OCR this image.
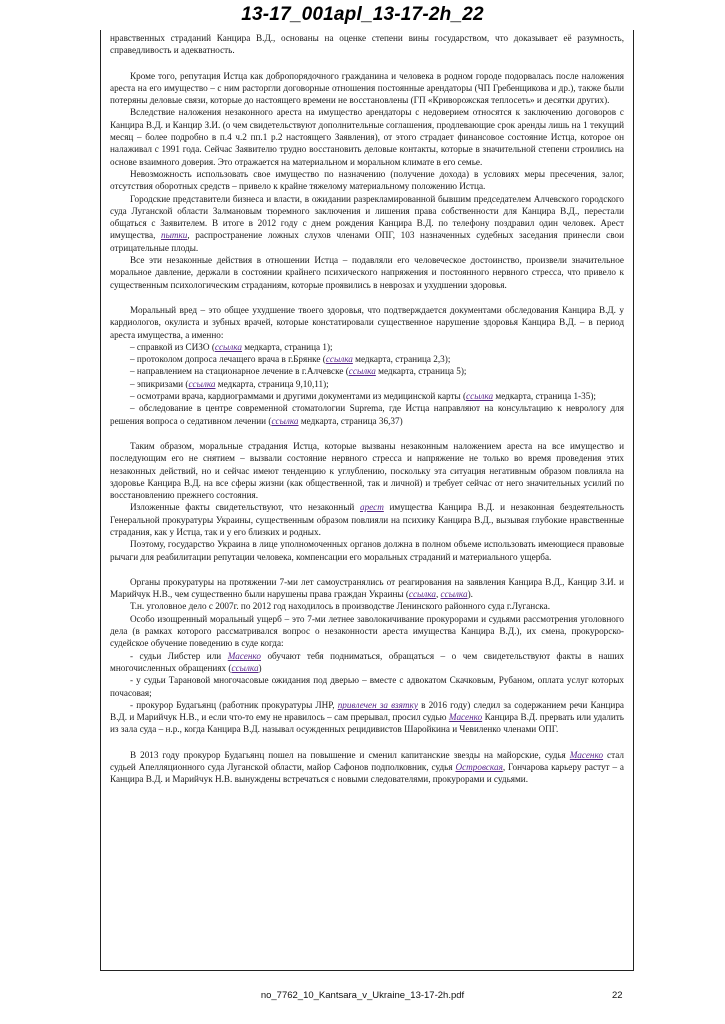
13-17_001apl_13-17-2h_22

нравственных страданий Канцира В.Д., основаны на оценке степени вины государством, что доказывает её разумность, справедливость и адекватность.

Кроме того, репутация Истца как добропорядочного гражданина и человека в родном городе подорвалась после наложения ареста на его имущество – с ним расторгли договорные отношения постоянные арендаторы (ЧП Гребенщикова и др.), также были потеряны деловые связи, которые до настоящего времени не восстановлены (ГП «Криворожская теплосеть» и десятки других).

Вследствие наложения незаконного ареста на имущество арендаторы с недоверием относятся к заключению договоров с Канцира В.Д. и Канцир З.И. (о чем свидетельствуют дополнительные соглашения, продлевающие срок аренды лишь на 1 текущий месяц – более подробно в п.4 ч.2 пп.1 р.2 настоящего Заявления), от этого страдает финансовое состояние Истца, которое он налаживал с 1991 года. Сейчас Заявителю трудно восстановить деловые контакты, которые в значительной степени строились на основе взаимного доверия. Это отражается на материальном и моральном климате в его семье.

Невозможность использовать свое имущество по назначению (получение дохода) в условиях меры пресечения, залог, отсутствия оборотных средств – привело к крайне тяжелому материальному положению Истца.

Городские представители бизнеса и власти, в ожидании разрекламированной бывшим председателем Алчевского городского суда Луганской области Залмановым тюремного заключения и лишения права собственности для Канцира В.Д., перестали общаться с Заявителем. В итоге в 2012 году с днем рождения Канцира В.Д. по телефону поздравил один человек. Арест имущества, пытки, распространение ложных слухов членами ОПГ, 103 назначенных судебных заседания принесли свои отрицательные плоды.

Все эти незаконные действия в отношении Истца – подавляли его человеческое достоинство, произвели значительное моральное давление, держали в состоянии крайнего психического напряжения и постоянного нервного стресса, что привело к существенным психологическим страданиям, которые проявились в неврозах и ухудшении здоровья.

Моральный вред – это общее ухудшение твоего здоровья, что подтверждается документами обследования Канцира В.Д. у кардиологов, окулиста и зубных врачей, которые констатировали существенное нарушение здоровья Канцира В.Д. – в период ареста имущества, а именно:

– справкой из СИЗО (ссылка медкарта, страница 1);

– протоколом допроса лечащего врача в г.Брянке (ссылка медкарта, страница 2,3);

– направлением на стационарное лечение в г.Алчевске (ссылка медкарта, страница 5);

– эпикризами (ссылка медкарта, страница 9,10,11);

– осмотрами врача, кардиограммами и другими документами из медицинской карты (ссылка медкарта, страница 1-35);

– обследование в центре современной стоматологии Suprema, где Истца направляют на консультацию к неврологу для решения вопроса о седативном лечении (ссылка медкарта, страница 36,37)

Таким образом, моральные страдания Истца, которые вызваны незаконным наложением ареста на все имущество и последующим его не снятием – вызвали состояние нервного стресса и напряжение не только во время проведения этих незаконных действий, но и сейчас имеют тенденцию к углублению, поскольку эта ситуация негативным образом повлияла на здоровье Канцира В.Д. на все сферы жизни (как общественной, так и личной) и требует сейчас от него значительных усилий по восстановлению прежнего состояния.

Изложенные факты свидетельствуют, что незаконный арест имущества Канцира В.Д. и незаконная бездеятельность Генеральной прокуратуры Украины, существенным образом повлияли на психику Канцира В.Д., вызывая глубокие нравственные страдания, как у Истца, так и у его близких и родных.

Поэтому, государство Украина в лице уполномоченных органов должна в полном объеме использовать имеющиеся правовые рычаги для реабилитации репутации человека, компенсации его моральных страданий и материального ущерба.

Органы прокуратуры на протяжении 7-ми лет самоустранялись от реагирования на заявления Канцира В.Д., Канцир З.И. и Марийчук Н.В., чем существенно были нарушены права граждан Украины (ссылка, ссылка).

Т.н. уголовное дело с 2007г. по 2012 год находилось в производстве Ленинского районного суда г.Луганска.

Особо изощренный моральный ущерб – это 7-ми летнее заволокичивание прокурорами и судьями рассмотрения уголовного дела (в рамках которого рассматривался вопрос о незаконности ареста имущества Канцира В.Д.), их смена, прокурорско-судейское обучение поведению в суде когда:

- судьи Либстер или Масенко обучают тебя подниматься, обращаться – о чем свидетельствуют факты в наших многочисленных обращениях (ссылка)

- у судьи Тарановой многочасовые ожидания под дверью – вместе с адвокатом Скачковым, Рубаном, оплата услуг которых почасовая;

- прокурор Будагьянц (работник прокуратуры ЛНР, привлечен за взятку в 2016 году) следил за содержанием речи Канцира В.Д. и Марийчук Н.В., и если что-то ему не нравилось – сам прерывал, просил судью Масенко Канцира В.Д. прервать или удалить из зала суда – н.р., когда Канцира В.Д. называл осужденных рецидивистов Шаройкина и Чевиленко членами ОПГ.

В 2013 году прокурор Будагьянц пошел на повышение и сменил капитанские звезды на майорские, судья Масенко стал судьей Апелляционного суда Луганской области, майор Сафонов подполковник, судья Островская, Гончарова карьеру растут – а Канцира В.Д. и Марийчук Н.В. вынуждены встречаться с новыми следователями, прокурорами и судьями.

no_7762_10_Kantsara_v_Ukraine_13-17-2h.pdf	22
